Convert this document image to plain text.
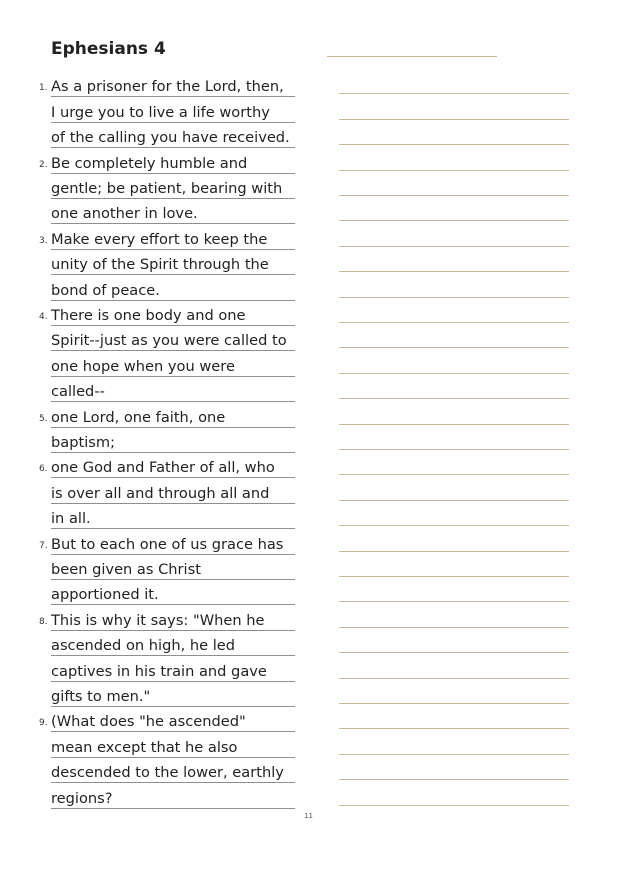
Ephesians 4
1. As a prisoner for the Lord, then,
I urge you to live a life worthy
of the calling you have received.
2. Be completely humble and
gentle; be patient, bearing with
one another in love.
3. Make every effort to keep the
unity of the Spirit through the
bond of peace.
4. There is one body and one
Spirit--just as you were called to
one hope when you were
called--
5. one Lord, one faith, one
baptism;
6. one God and Father of all, who
is over all and through all and
in all.
7. But to each one of us grace has
been given as Christ
apportioned it.
8. This is why it says: "When he
ascended on high, he led
captives in his train and gave
gifts to men."
9. (What does "he ascended"
mean except that he also
descended to the lower, earthly
regions?
11
